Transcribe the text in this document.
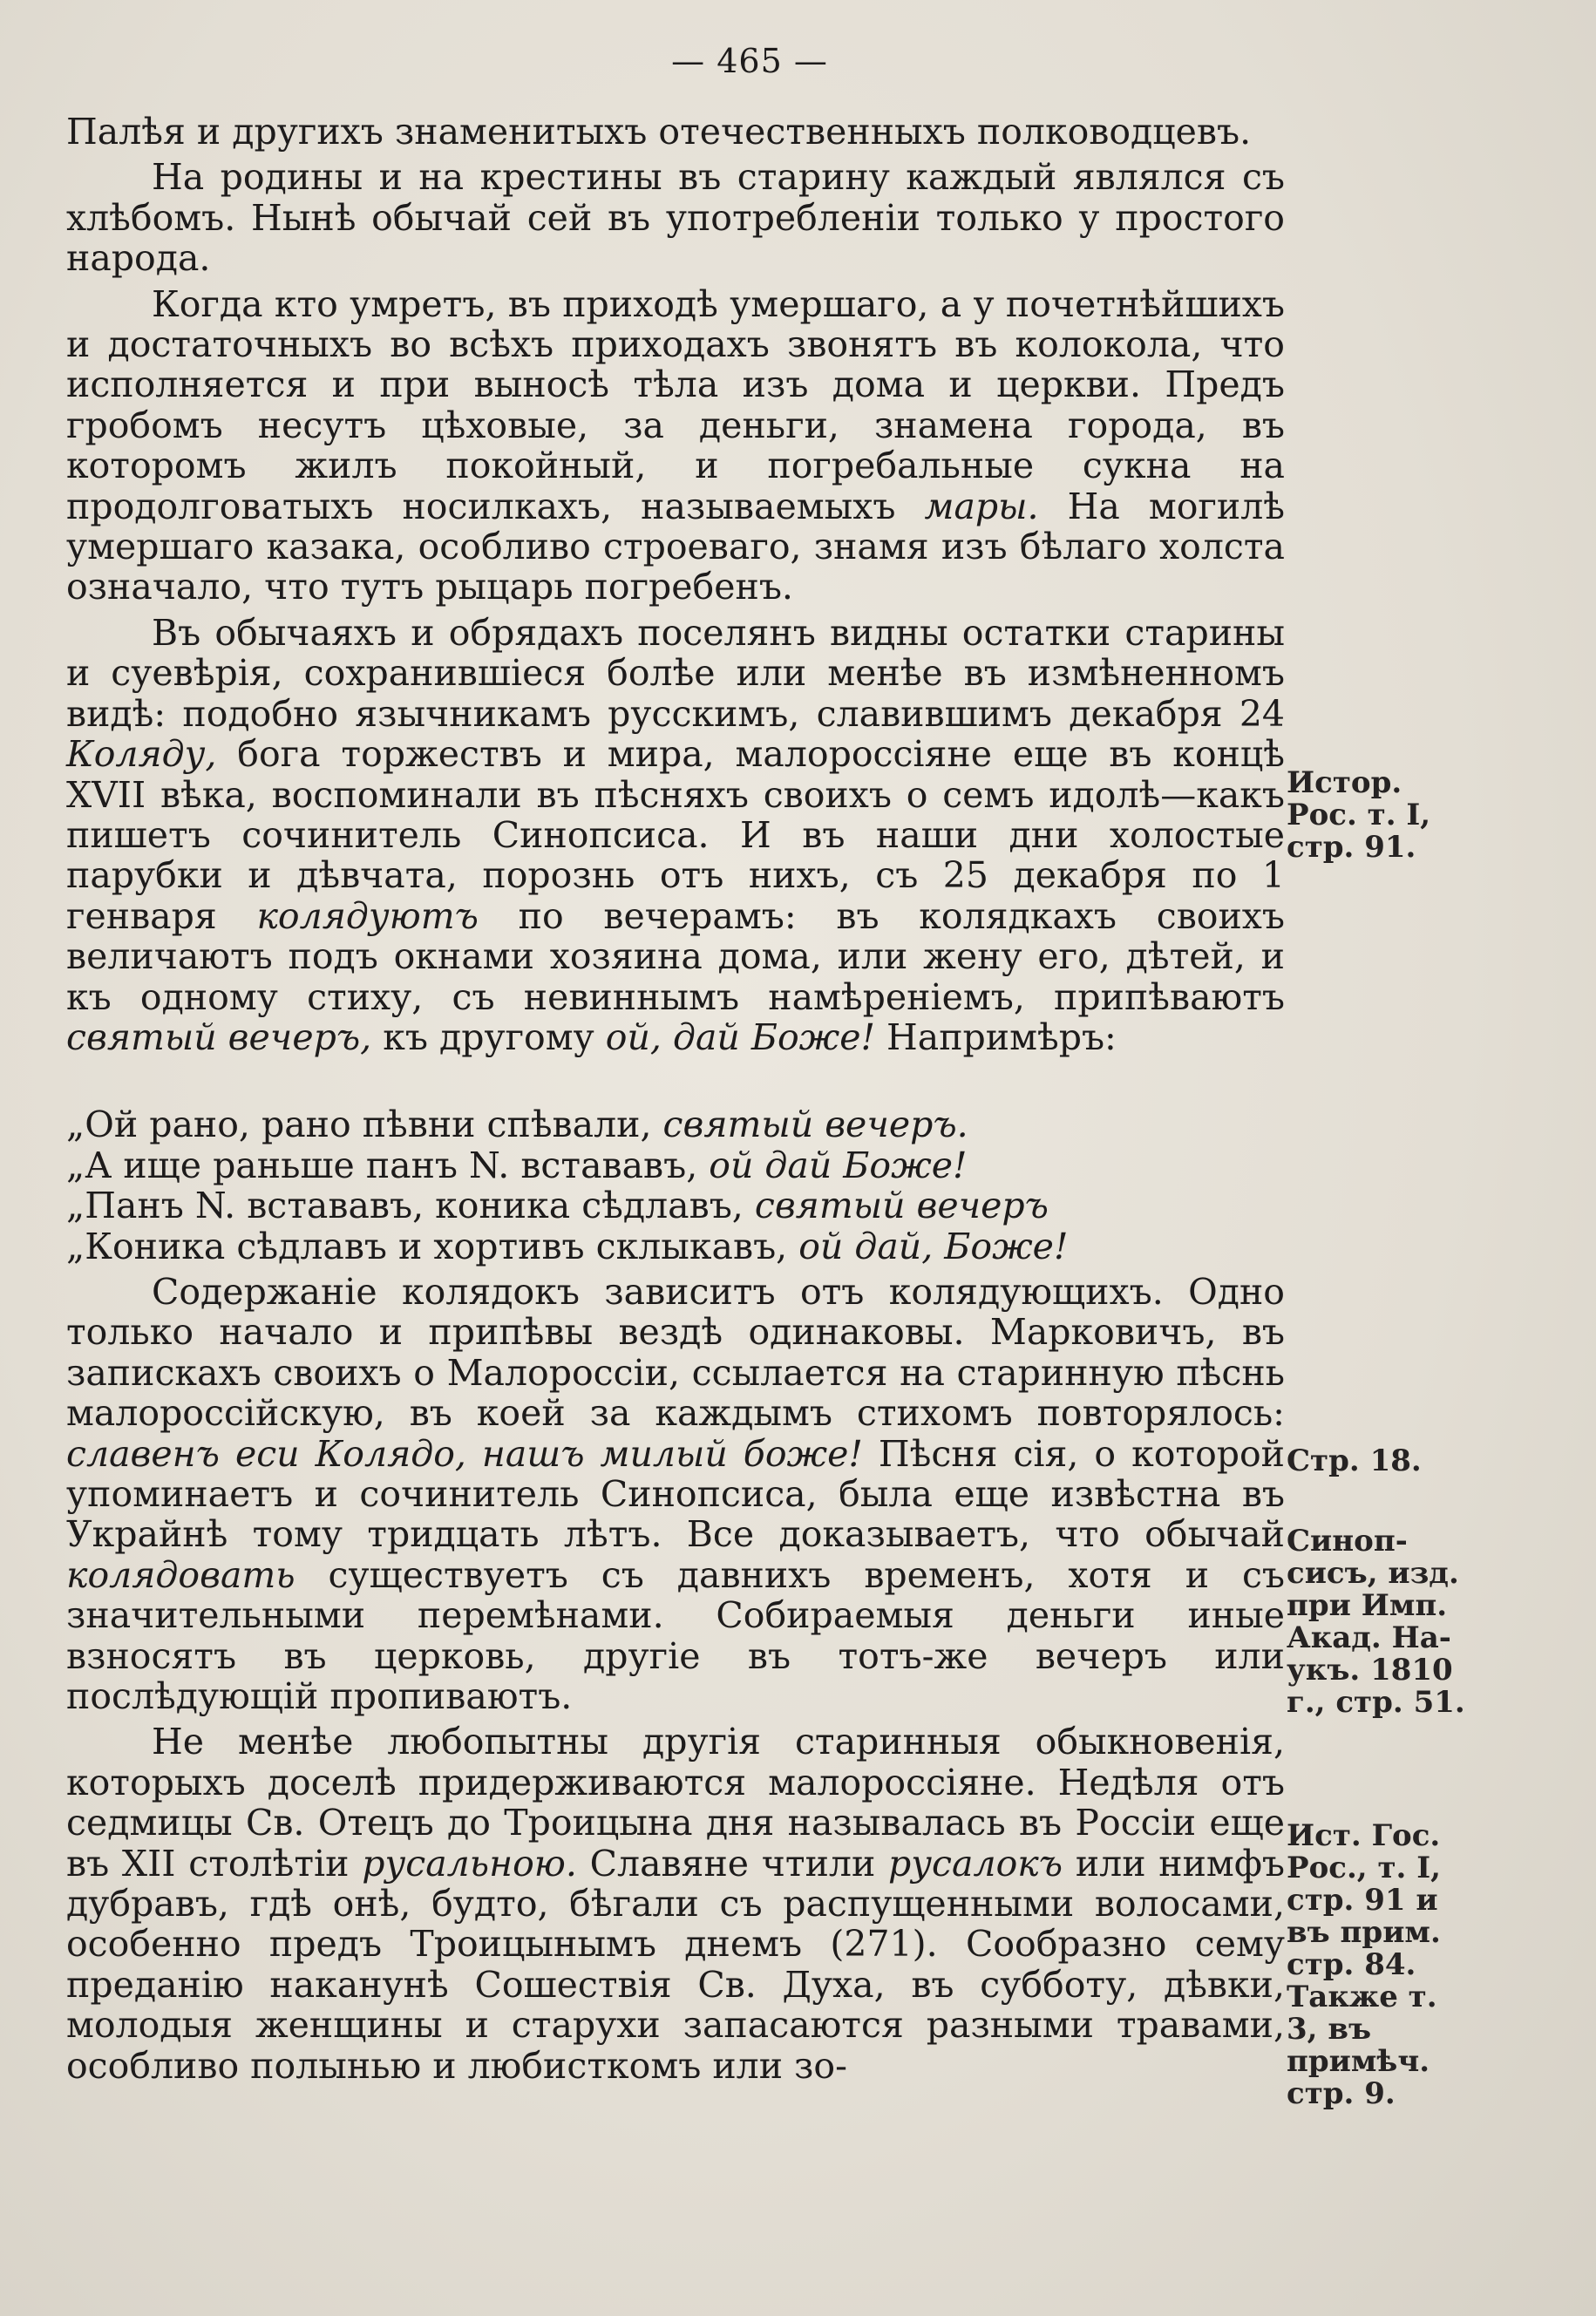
— 465 —

Палѣя и другихъ знаменитыхъ отечественныхъ полководцевъ.

На родины и на крестины въ старину каждый являлся съ хлѣбомъ. Нынѣ обычай сей въ употребленіи только у простого народа.

Когда кто умретъ, въ приходѣ умершаго, а у почетнѣйшихъ и достаточныхъ во всѣхъ приходахъ звонятъ въ колокола, что исполняется и при выносѣ тѣла изъ дома и церкви. Предъ гробомъ несутъ цѣховые, за деньги, знамена города, въ которомъ жилъ покойный, и погребальные сукна на продолговатыхъ носилкахъ, называемыхъ мары. На могилѣ умершаго казака, особливо строеваго, знамя изъ бѣлаго холста означало, что тутъ рыцарь погребенъ.

Въ обычаяхъ и обрядахъ поселянъ видны остатки старины и суевѣрія, сохранившіеся болѣе или менѣе въ измѣненномъ видѣ: подобно язычникамъ русскимъ, славившимъ декабря 24 Коляду, бога торжествъ и мира, малороссіяне еще въ концѣ XVII вѣка, воспоминали въ пѣсняхъ своихъ о семъ идолѣ—какъ пишетъ сочинитель Синопсиса. И въ наши дни холостые парубки и дѣвчата, порознь отъ нихъ, съ 25 декабря по 1 генваря колядуютъ по вечерамъ: въ колядкахъ своихъ величаютъ подъ окнами хозяина дома, или жену его, дѣтей, и къ одному стиху, съ невиннымъ намѣреніемъ, припѣваютъ святый вечеръ, къ другому ой, дай Боже! Напримѣръ:

„Ой рано, рано пѣвни спѣвали, святый вечеръ.
„А ище раньше панъ N. встававъ, ой дай Боже!
„Панъ N. встававъ, коника сѣдлавъ, святый вечеръ
„Коника сѣдлавъ и хортивъ склыкавъ, ой дай, Боже!

Содержаніе колядокъ зависитъ отъ колядующихъ. Одно только начало и припѣвы вездѣ одинаковы. Марковичъ, въ запискахъ своихъ о Малороссіи, ссылается на старинную пѣснь малороссійскую, въ коей за каждымъ стихомъ повторялось: славенъ еси Колядо, нашъ милый боже! Пѣсня сія, о которой упоминаетъ и сочинитель Синопсиса, была еще извѣстна въ Украйнѣ тому тридцать лѣтъ. Все доказываетъ, что обычай колядовать существуетъ съ давнихъ временъ, хотя и съ значительными перемѣнами. Собираемыя деньги иные взносятъ въ церковь, другіе въ тотъ-же вечеръ или послѣдующій пропиваютъ.

Не менѣе любопытны другія старинныя обыкновенія, которыхъ доселѣ придерживаются малороссіяне. Недѣля отъ седмицы Св. Отецъ до Троицына дня называлась въ Россіи еще въ XII столѣтіи русальною. Славяне чтили русалокъ или нимфъ дубравъ, гдѣ онѣ, будто, бѣгали съ распущенными волосами, особенно предъ Троицынымъ днемъ (271). Сообразно сему преданію наканунѣ Сошествія Св. Духа, въ субботу, дѣвки, молодыя женщины и старухи запасаются разными травами, особливо полынью и любисткомъ или зо-

Истор.
Рос. т. I,
стр. 91.
Стр. 18.
Синоп-
сисъ, изд.
при Имп.
Акад. На-
укъ. 1810
г., стр. 51.
Ист. Гос.
Рос., т. I,
стр. 91 и
въ прим.
стр. 84.
Также т.
3, въ
примѣч.
стр. 9.
